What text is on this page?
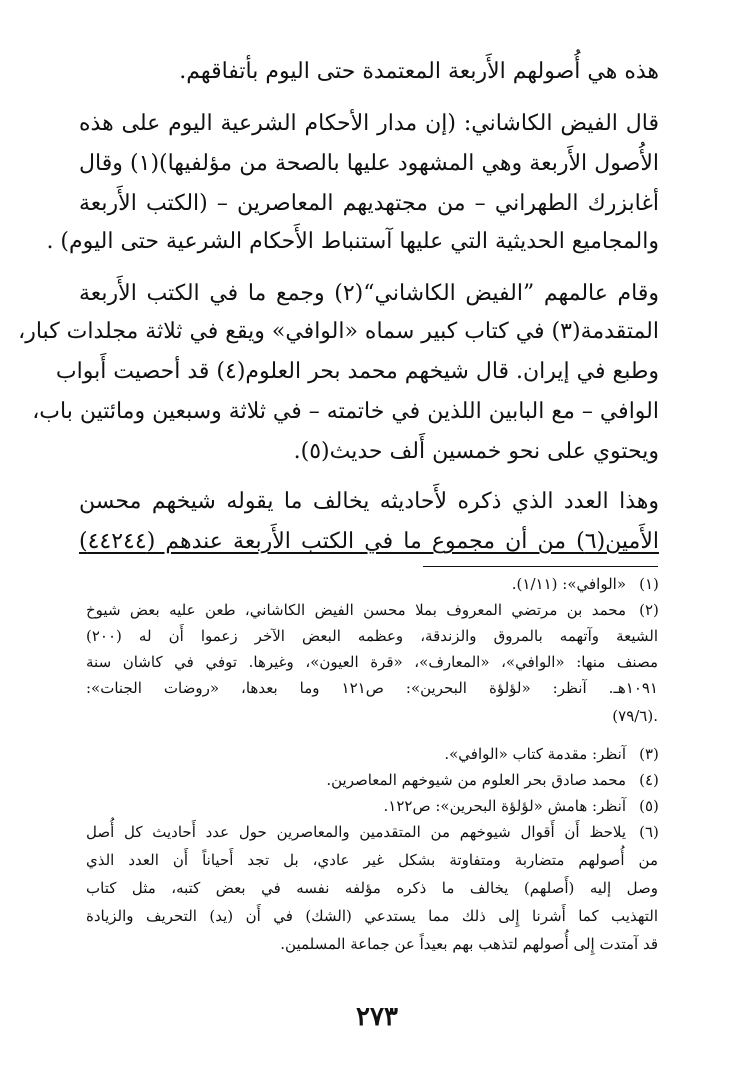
هذه هي أُصولهم الأَربعة المعتمدة حتى اليوم بأتفاقهم.
قال الفيض الكاشاني: (إن مدار الأحكام الشرعية اليوم على هذه
الأُصول الأَربعة وهي المشهود عليها بالصحة من مؤلفيها)(١) وقال
أغابزرك الطهراني – من مجتهديهم المعاصرين – (الكتب الأَربعة
والمجاميع الحديثية التي عليها آستنباط الأَحكام الشرعية حتى اليوم) .
وقام عالمهم ”الفيض الكاشاني“(٢) وجمع ما في الكتب الأَربعة
المتقدمة(٣) في كتاب كبير سماه «الوافي» ويقع في ثلاثة مجلدات كبار،
وطبع في إيران. قال شيخهم محمد بحر العلوم(٤) قد أحصيت أَبواب
الوافي – مع البابين اللذين في خاتمته – في ثلاثة وسبعين ومائتين باب،
ويحتوي على نحو خمسين أَلف حديث(٥).
وهذا العدد الذي ذكره لأَحاديثه يخالف ما يقوله شيخهم محسن
الأَمين(٦) من أن مجموع ما في الكتب الأَربعة عندهم (٤٤٢٤٤)
(١)
«الوافي»: (١/١١).
(٢)
محمد بن مرتضي المعروف بملا محسن الفيض الكاشاني، طعن عليه بعض شيوخ
الشيعة وآتهمه بالمروق والزندقة، وعظمه البعض الآخر زعموا أَن له (٢٠٠)
مصنف منها: «الوافي»، «المعارف»، «قرة العيون»، وغيرها. توفي في كاشان سنة
١٠٩١هـ. آنظر: «لؤلؤة البحرين»: ص١٢١ وما بعدها، «روضات الجنات»:
(٧٩/٦).
(٣)
آنظر: مقدمة كتاب «الوافي».
(٤)
محمد صادق بحر العلوم من شيوخهم المعاصرين.
(٥)
آنظر: هامش «لؤلؤة البحرين»: ص١٢٢.
(٦)
يلاحظ أَن أَقوال شيوخهم من المتقدمين والمعاصرين حول عدد أَحاديث كل أُصل
من أُصولهم متضاربة ومتفاوتة بشكل غير عادي، بل تجد أَحياناً أَن العدد الذي
وصل إليه (أَصلهم) يخالف ما ذكره مؤلفه نفسه في بعض كتبه، مثل كتاب
التهذيب كما أَشرنا إِلى ذلك مما يستدعي (الشك) في أَن (يد) التحريف والزيادة
قد آمتدت إِلى أُصولهم لتذهب بهم بعيداً عن جماعة المسلمين.
٢٧٣
